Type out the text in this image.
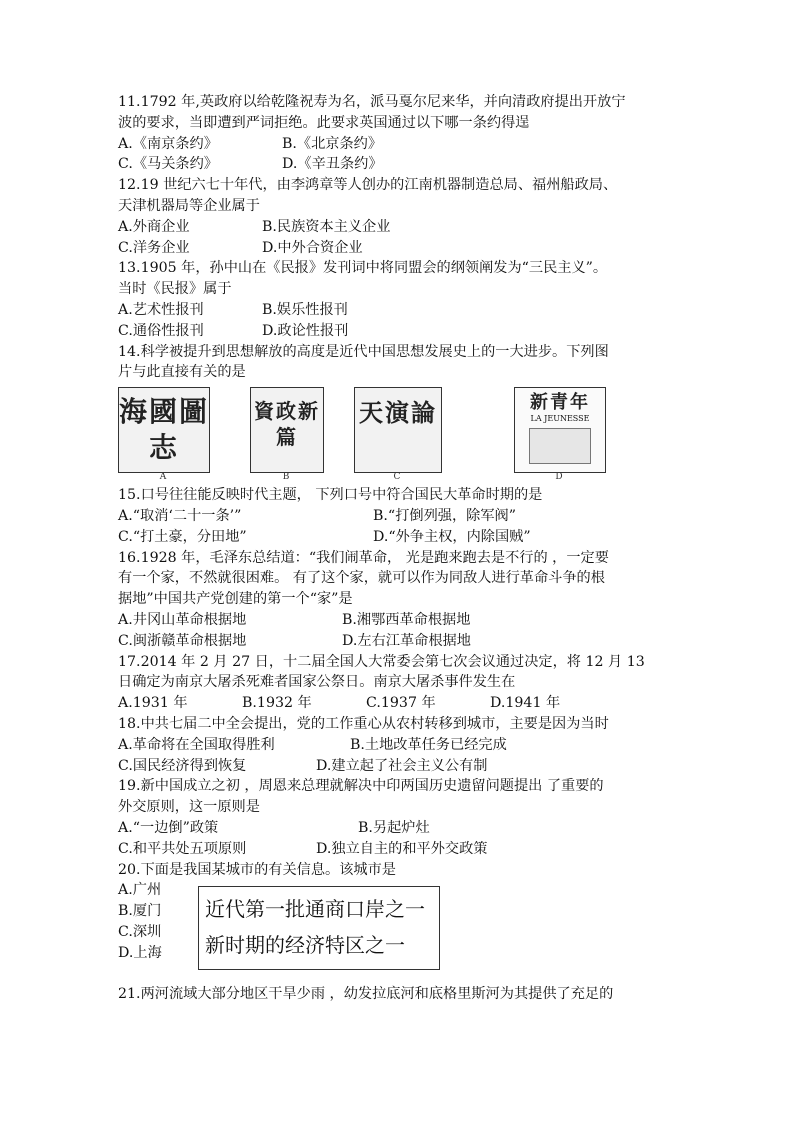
11.1792 年,英政府以给乾隆祝寿为名，派马戛尔尼来华，并向清政府提出开放宁
波的要求，当即遭到严词拒绝。此要求英国通过以下哪一条约得逞
A.《南京条约》	B.《北京条约》
C.《马关条约》	D.《辛丑条约》
12.19 世纪六七十年代，由李鸿章等人创办的江南机器制造总局、福州船政局、
天津机器局等企业属于
A.外商企业	B.民族资本主义企业
C.洋务企业	D.中外合资企业
13.1905 年，孙中山在《民报》发刊词中将同盟会的纲领阐发为“三民主义”。
当时《民报》属于
A.艺术性报刊	B.娱乐性报刊
C.通俗性报刊	D.政论性报刊
14.科学被提升到思想解放的高度是近代中国思想发展史上的一大进步。下列图
片与此直接有关的是
海國圖志
A
資政新篇
B
天演論
C
新青年
LA JEUNESSE
D
15.口号往往能反映时代主题， 下列口号中符合国民大革命时期的是
A.“取消‘二十一条’”	B.“打倒列强，除军阀”
C.“打土豪，分田地”	D.“外争主权，内除国贼”
16.1928 年，毛泽东总结道：“我们闹革命， 光是跑来跑去是不行的 ，一定要
有一个家，不然就很困难。 有了这个家，就可以作为同敌人进行革命斗争的根
据地”中国共产党创建的第一个“家”是
A.井冈山革命根据地	B.湘鄂西革命根据地
C.闽浙赣革命根据地	D.左右江革命根据地
17.2014 年 2 月 27 日，十二届全国人大常委会第七次会议通过决定，将 12 月 13
日确定为南京大屠杀死难者国家公祭日。南京大屠杀事件发生在
A.1931 年	B.1932 年	C.1937 年	D.1941 年
18.中共七届二中全会提出，党的工作重心从农村转移到城市，主要是因为当时
A.革命将在全国取得胜利	B.土地改革任务已经完成
C.国民经济得到恢复	D.建立起了社会主义公有制
19.新中国成立之初 ，周恩来总理就解决中印两国历史遗留问题提出 了重要的
外交原则，这一原则是
A.“一边倒”政策	B.另起炉灶
C.和平共处五项原则	D.独立自主的和平外交政策
20.下面是我国某城市的有关信息。该城市是
A.广州
B.厦门
C.深圳
D.上海
近代第一批通商口岸之一
新时期的经济特区之一
21.两河流域大部分地区干旱少雨 ，幼发拉底河和底格里斯河为其提供了充足的
